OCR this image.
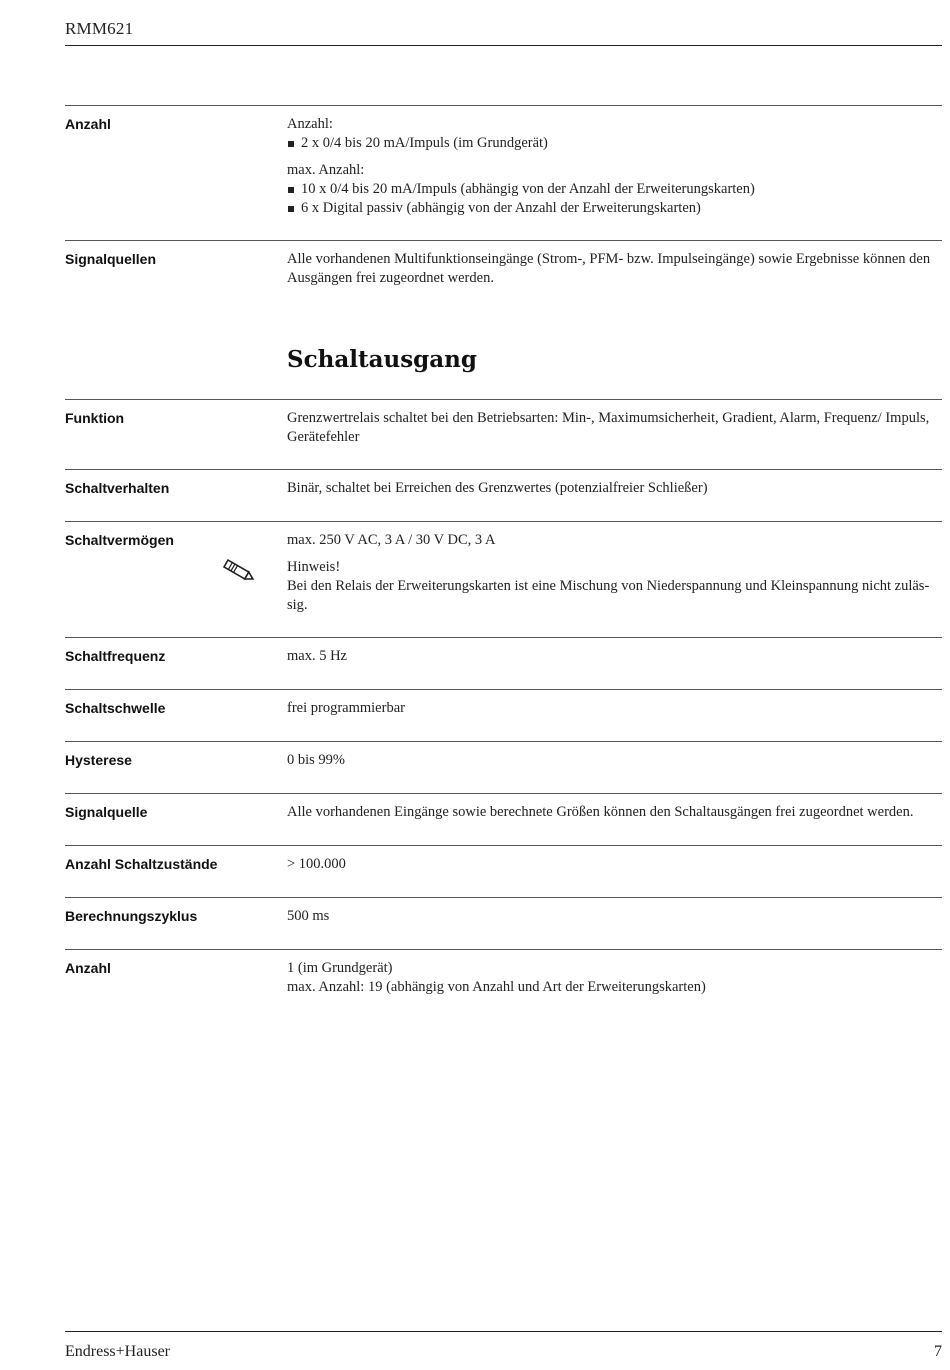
RMM621
Anzahl	Anzahl:

2 x 0/4 bis 20 mA/Impuls (im Grundgerät)

max. Anzahl:

10 x 0/4 bis 20 mA/Impuls (abhängig von der Anzahl der Erweiterungskarten)
6 x Digital passiv (abhängig von der Anzahl der Erweiterungskarten)
Signalquellen	Alle vorhandenen Multifunktionseingänge (Strom-, PFM- bzw. Impulseingänge) sowie Ergebnisse können den Ausgängen frei zugeordnet werden.
Schaltausgang
Funktion	Grenzwertrelais schaltet bei den Betriebsarten: Min-, Maximumsicherheit, Gradient, Alarm, Frequenz/ Impuls, Gerätefehler
Schaltverhalten	Binär, schaltet bei Erreichen des Grenzwertes (potenzialfreier Schließer)
Schaltvermögen	max. 250 V AC, 3 A / 30 V DC, 3 A

Hinweis!

Bei den Relais der Erweiterungskarten ist eine Mischung von Niederspannung und Kleinspannung nicht zuläs-sig.

Schaltfrequenz	max. 5 Hz
Schaltschwelle	frei programmierbar
Hysterese	0 bis 99%
Signalquelle	Alle vorhandenen Eingänge sowie berechnete Größen können den Schaltausgängen frei zugeordnet werden.
Anzahl Schaltzustände	> 100.000
Berechnungszyklus	500 ms
Anzahl	1 (im Grundgerät)

max. Anzahl: 19 (abhängig von Anzahl und Art der Erweiterungskarten)

Endress+Hauser	7
